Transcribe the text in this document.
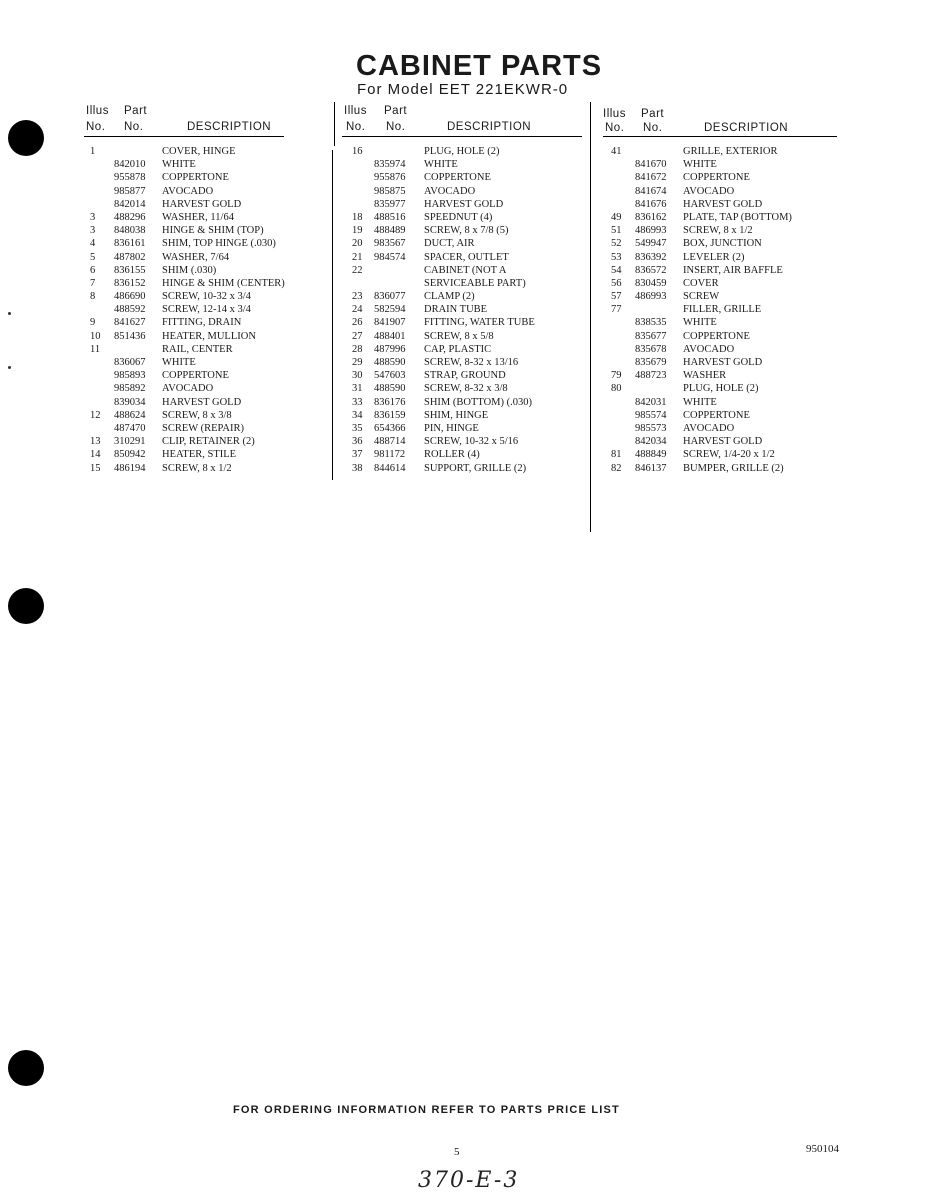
CABINET PARTS
For Model EET 221EKWR-0
Illus Part
No. No.	DESCRIPTION
1	COVER, HINGE
842010 WHITE
955878 COPPERTONE
985877 AVOCADO
842014 HARVEST GOLD
3 488296 WASHER, 11/64
3 848038 HINGE & SHIM (TOP)
4 836161 SHIM, TOP HINGE (.030)
5 487802 WASHER, 7/64
6 836155 SHIM (.030)
7 836152 HINGE & SHIM (CENTER)
8 486690 SCREW, 10-32 x 3/4
488592 SCREW, 12-14 x 3/4
9 841627 FITTING, DRAIN
10 851436 HEATER, MULLION
11	RAIL, CENTER
836067 WHITE
985893 COPPERTONE
985892 AVOCADO
839034 HARVEST GOLD
12 488624 SCREW, 8 x 3/8
487470 SCREW (REPAIR)
13 310291 CLIP, RETAINER (2)
14 850942 HEATER, STILE
15 486194 SCREW, 8 x 1/2
Illus Part
No. No.	DESCRIPTION
16	PLUG, HOLE (2)
835974 WHITE
955876 COPPERTONE
985875 AVOCADO
835977 HARVEST GOLD
18 488516 SPEEDNUT (4)
19 488489 SCREW, 8 x 7/8 (5)
20 983567 DUCT, AIR
21 984574 SPACER, OUTLET
22	CABINET (NOT A
SERVICEABLE PART)
23 836077 CLAMP (2)
24 582594 DRAIN TUBE
26 841907 FITTING, WATER TUBE
27 488401 SCREW, 8 x 5/8
28 487996 CAP, PLASTIC
29 488590 SCREW, 8-32 x 13/16
30 547603 STRAP, GROUND
31 488590 SCREW, 8-32 x 3/8
33 836176 SHIM (BOTTOM) (.030)
34 836159 SHIM, HINGE
35 654366 PIN, HINGE
36 488714 SCREW, 10-32 x 5/16
37 981172 ROLLER (4)
38 844614 SUPPORT, GRILLE (2)
Illus Part
No. No.	DESCRIPTION
41	GRILLE, EXTERIOR
841670 WHITE
841672 COPPERTONE
841674 AVOCADO
841676 HARVEST GOLD
49 836162 PLATE, TAP (BOTTOM)
51 486993 SCREW, 8 x 1/2
52 549947 BOX, JUNCTION
53 836392 LEVELER (2)
54 836572 INSERT, AIR BAFFLE
56 830459 COVER
57 486993 SCREW
77	FILLER, GRILLE
838535 WHITE
835677 COPPERTONE
835678 AVOCADO
835679 HARVEST GOLD
79 488723 WASHER
80	PLUG, HOLE (2)
842031 WHITE
985574 COPPERTONE
985573 AVOCADO
842034 HARVEST GOLD
81 488849 SCREW, 1/4-20 x 1/2
82 846137 BUMPER, GRILLE (2)
FOR ORDERING INFORMATION REFER TO PARTS PRICE LIST
5	950104
370-E-3
